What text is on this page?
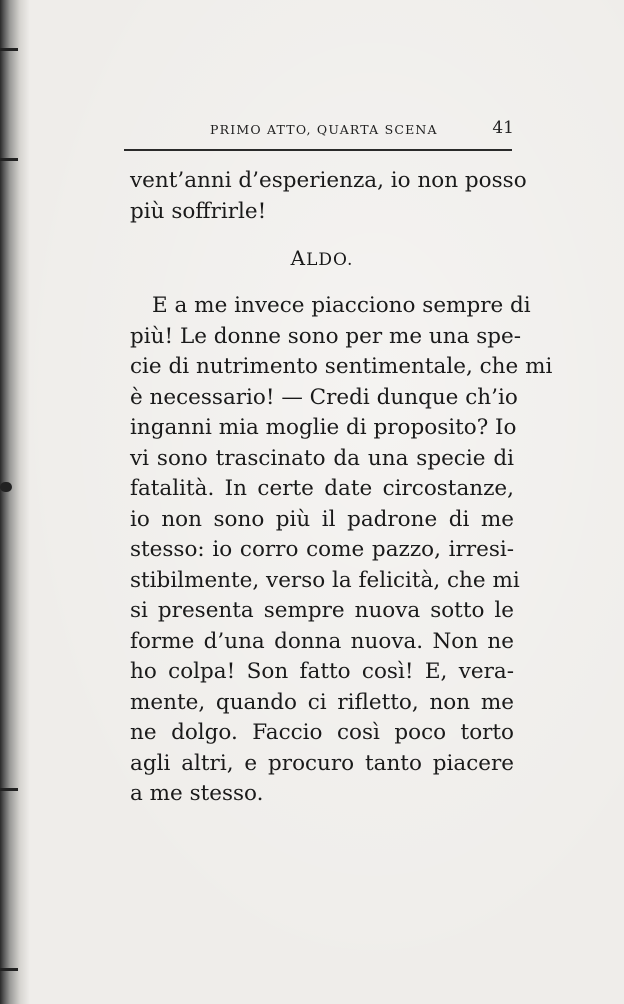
PRIMO ATTO, QUARTA SCENA	41
vent’anni d’esperienza, io non posso
più soffrirle!
ALDO.
E a me invece piacciono sempre di
più! Le donne sono per me una spe-
cie di nutrimento sentimentale, che mi
è necessario! — Credi dunque ch’io
inganni mia moglie di proposito? Io
vi sono trascinato da una specie di
fatalità. In certe date circostanze,
io non sono più il padrone di me
stesso: io corro come pazzo, irresi-
stibilmente, verso la felicità, che mi
si presenta sempre nuova sotto le
forme d’una donna nuova. Non ne
ho colpa! Son fatto così! E, vera-
mente, quando ci rifletto, non me
ne dolgo. Faccio così poco torto
agli altri, e procuro tanto piacere
a me stesso.
